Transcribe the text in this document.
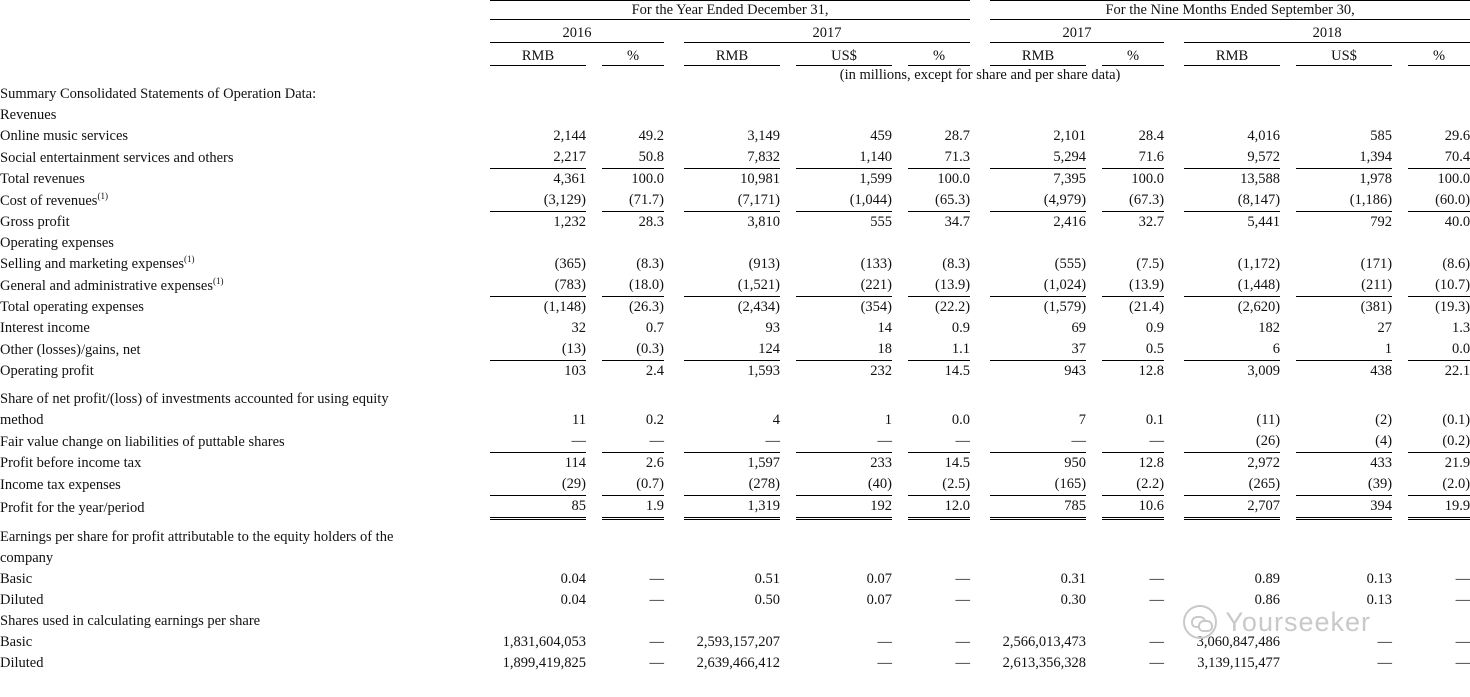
	For the Year Ended December 31,										For the Nine Months Ended September 30,								

	2016				2017						2017				2018				

	RMB		%		RMB		US$		%		RMB		%		RMB		US$		%
	(in millions, except for share and per share data)																		
Summary Consolidated Statements of Operation Data:																			
Revenues																			
Online music services	2,144		49.2		3,149		459		28.7		2,101		28.4		4,016		585		29.6
Social entertainment services and others	2,217		50.8		7,832		1,140		71.3		5,294		71.6		9,572		1,394		70.4
Total revenues	4,361		100.0		10,981		1,599		100.0		7,395		100.0		13,588		1,978		100.0
Cost of revenues$^{(1)}$	(3,129)		(71.7)		(7,171)		(1,044)		(65.3)		(4,979)		(67.3)		(8,147)		(1,186)		(60.0)
Gross profit	1,232		28.3		3,810		555		34.7		2,416		32.7		5,441		792		40.0
Operating expenses																			
Selling and marketing expenses$^{(1)}$	(365)		(8.3)		(913)		(133)		(8.3)		(555)		(7.5)		(1,172)		(171)		(8.6)
General and administrative expenses$^{(1)}$	(783)		(18.0)		(1,521)		(221)		(13.9)		(1,024)		(13.9)		(1,448)		(211)		(10.7)
Total operating expenses	(1,148)		(26.3)		(2,434)		(354)		(22.2)		(1,579)		(21.4)		(2,620)		(381)		(19.3)
Interest income	32		0.7		93		14		0.9		69		0.9		182		27		1.3
Other (losses)/gains, net	(13)		(0.3)		124		18		1.1		37		0.5		6		1		0.0
Operating profit	103		2.4		1,593		232		14.5		943		12.8		3,009		438		22.1

Share of net profit/(loss) of investments accounted for using equity																			
method	11		0.2		4		1		0.0		7		0.1		(11)		(2)		(0.1)
Fair value change on liabilities of puttable shares	—		—		—		—		—		—		—		(26)		(4)		(0.2)
Profit before income tax	114		2.6		1,597		233		14.5		950		12.8		2,972		433		21.9
Income tax expenses	(29)		(0.7)		(278)		(40)		(2.5)		(165)		(2.2)		(265)		(39)		(2.0)
Profit for the year/period	85		1.9		1,319		192		12.0		785		10.6		2,707		394		19.9

Earnings per share for profit attributable to the equity holders of the																			
company																			
Basic	0.04		—		0.51		0.07		—		0.31		—		0.89		0.13		—
Diluted	0.04		—		0.50		0.07		—		0.30		—		0.86		0.13		—
Shares used in calculating earnings per share																			
Basic	1,831,604,053		—		2,593,157,207		—		—		2,566,013,473		—		3,060,847,486		—		—
Diluted	1,899,419,825		—		2,639,466,412		—		—		2,613,356,328		—		3,139,115,477		—		—
Yourseeker
